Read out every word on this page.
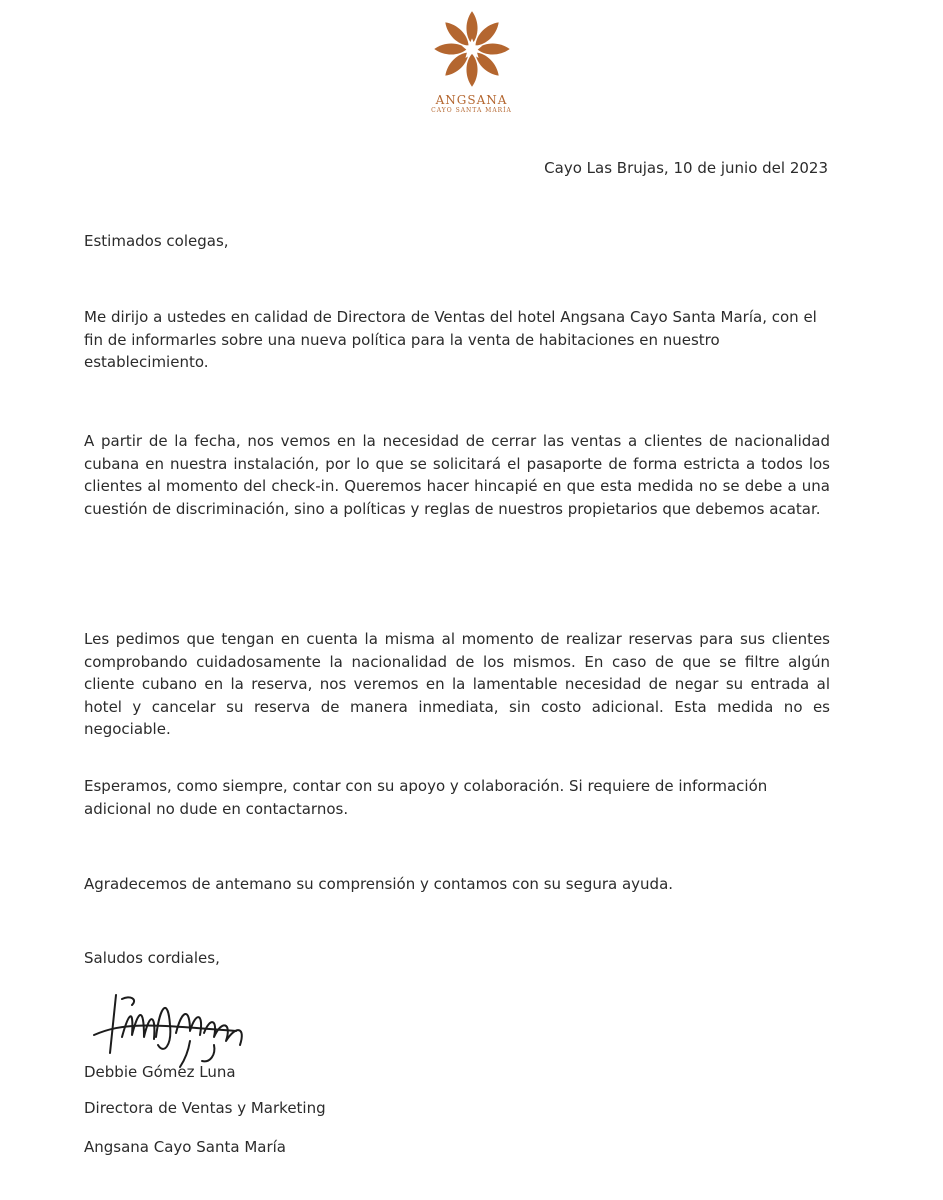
ANGSANA
CAYO SANTA MARÍA
Cayo Las Brujas, 10 de junio del 2023
Estimados colegas,
Me dirijo a ustedes en calidad de Directora de Ventas del hotel Angsana Cayo Santa María, con el fin de informarles sobre una nueva política para la venta de habitaciones en nuestro establecimiento.
A partir de la fecha, nos vemos en la necesidad de cerrar las ventas a clientes de nacionalidad cubana en nuestra instalación, por lo que se solicitará el pasaporte de forma estricta a todos los clientes al momento del check-in. Queremos hacer hincapié en que esta medida no se debe a una cuestión de discriminación, sino a políticas y reglas de nuestros propietarios que debemos acatar.
Les pedimos que tengan en cuenta la misma al momento de realizar reservas para sus clientes comprobando cuidadosamente la nacionalidad de los mismos. En caso de que se filtre algún cliente cubano en la reserva, nos veremos en la lamentable necesidad de negar su entrada al hotel y cancelar su reserva de manera inmediata, sin costo adicional. Esta medida no es negociable.
Esperamos, como siempre, contar con su apoyo y colaboración. Si requiere de información adicional no dude en contactarnos.
Agradecemos de antemano su comprensión y contamos con su segura ayuda.
Saludos cordiales,
Debbie Gómez Luna
Directora de Ventas y Marketing
Angsana Cayo Santa María
